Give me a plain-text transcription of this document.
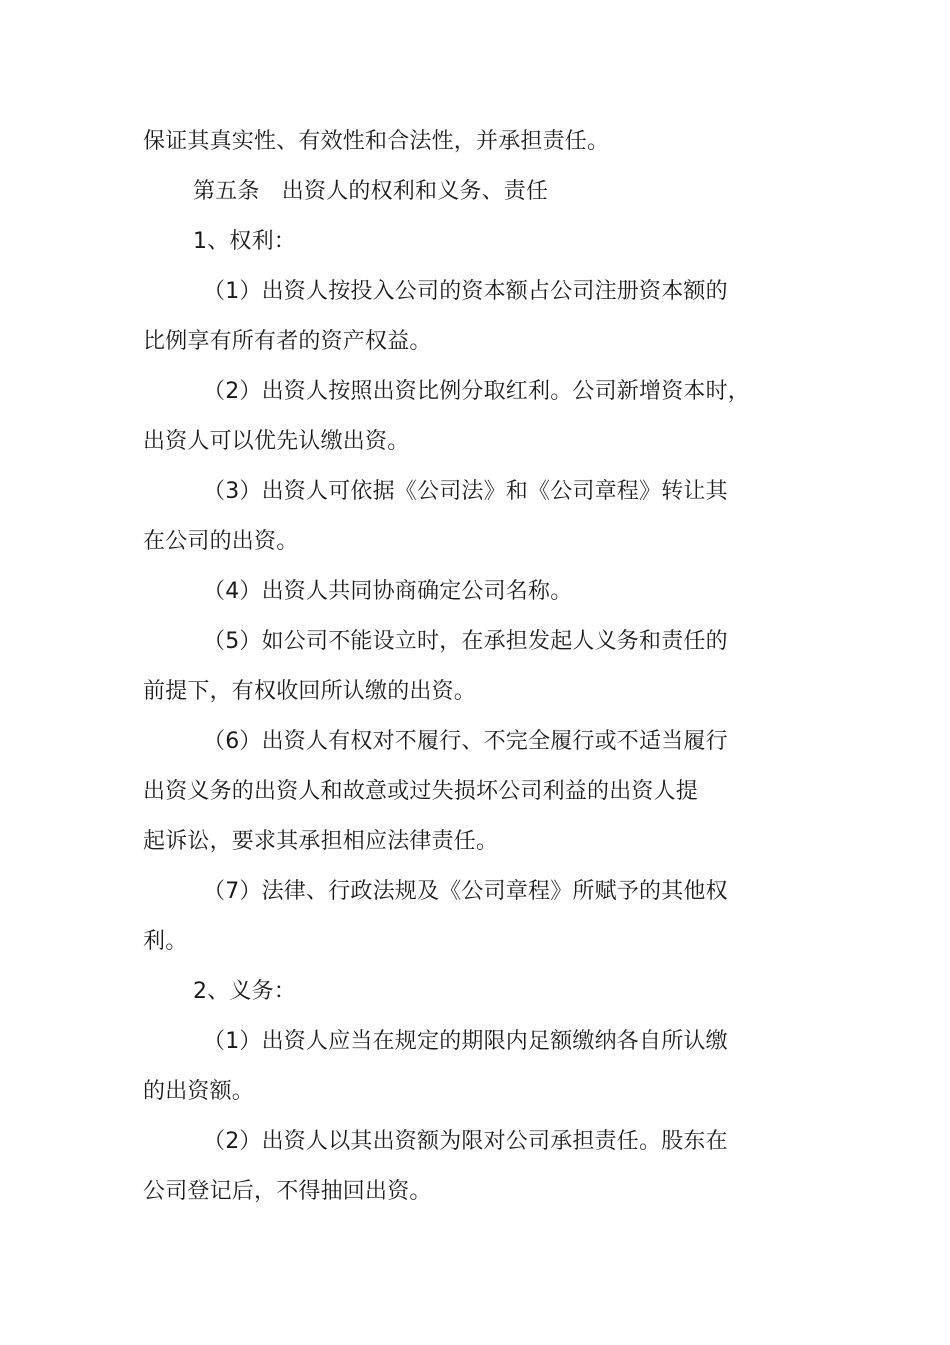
保证其真实性、有效性和合法性，并承担责任。
第五条　出资人的权利和义务、责任
1、权利：
（1）出资人按投入公司的资本额占公司注册资本额的
比例享有所有者的资产权益。
（2）出资人按照出资比例分取红利。公司新增资本时，
出资人可以优先认缴出资。
（3）出资人可依据《公司法》和《公司章程》转让其
在公司的出资。
（4）出资人共同协商确定公司名称。
（5）如公司不能设立时，在承担发起人义务和责任的
前提下，有权收回所认缴的出资。
（6）出资人有权对不履行、不完全履行或不适当履行
出资义务的出资人和故意或过失损坏公司利益的出资人提
起诉讼，要求其承担相应法律责任。
（7）法律、行政法规及《公司章程》所赋予的其他权
利。
2、义务：
（1）出资人应当在规定的期限内足额缴纳各自所认缴
的出资额。
（2）出资人以其出资额为限对公司承担责任。股东在
公司登记后，不得抽回出资。
